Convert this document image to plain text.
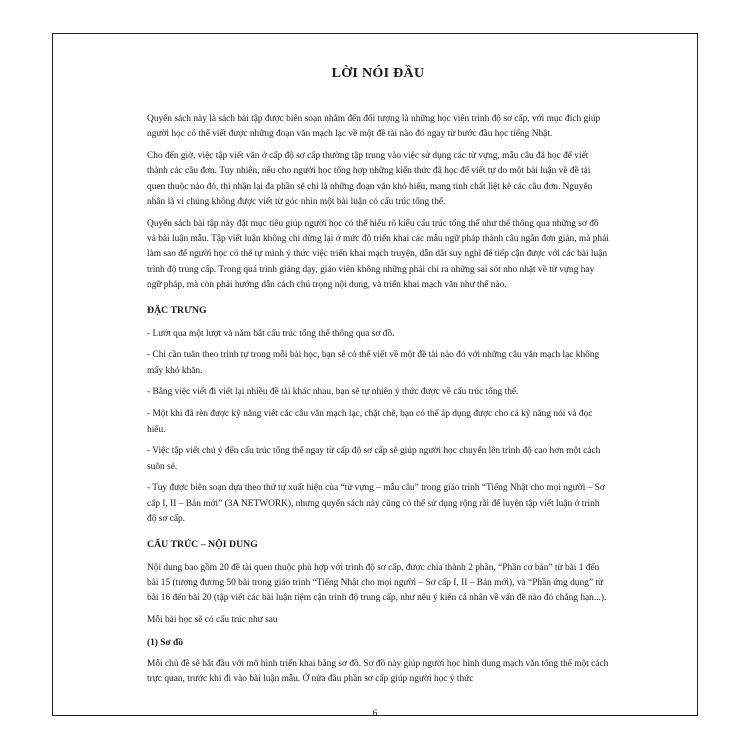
LỜI NÓI ĐẦU

Quyển sách này là sách bài tập được biên soạn nhằm đến đối tượng là những học viên trình độ sơ cấp, với mục đích giúp người học có thể viết được những đoạn văn mạch lạc về một đề tài nào đó ngay từ bước đầu học tiếng Nhật.

Cho đến giờ, việc tập viết văn ở cấp độ sơ cấp thường tập trung vào việc sử dụng các từ vựng, mẫu câu đã học để viết thành các câu đơn. Tuy nhiên, nếu cho người học tổng hợp những kiến thức đã học để viết tự do một bài luận về đề tài quen thuộc nào đó, thì nhận lại đa phần sẽ chỉ là những đoạn văn khó hiểu, mang tính chất liệt kê các câu đơn. Nguyên nhân là vì chúng không được viết từ góc nhìn một bài luận có cấu trúc tổng thể.

Quyển sách bài tập này đặt mục tiêu giúp người học có thể hiểu rõ kiểu cấu trúc tổng thể như thế thông qua những sơ đồ và bài luận mẫu. Tập viết luận không chỉ dừng lại ở mức độ triển khai các mẫu ngữ pháp thành câu ngắn đơn giản, mà phải làm sao để người học có thể tự mình ý thức việc triển khai mạch truyện, dẫn dắt suy nghĩ để tiếp cận được với các bài luận trình độ trung cấp. Trong quá trình giảng dạy, giáo viên không những phải chỉ ra những sai sót nho nhặt về từ vựng hay ngữ pháp, mà còn phải hướng dẫn cách chú trọng nội dung, và triển khai mạch văn như thế nào.

ĐẶC TRƯNG

- Lướt qua một lượt và nắm bắt cấu trúc tổng thể thông qua sơ đồ.

- Chỉ cần tuân theo trình tự trong mỗi bài học, bạn sẽ có thể viết về một đề tài nào đó với những câu văn mạch lạc không mấy khó khăn.

- Bằng việc viết đi viết lại nhiều đề tài khác nhau, bạn sẽ tự nhiên ý thức được về cấu trúc tổng thể.

- Một khi đã rèn được kỹ năng viết các câu văn mạch lạc, chặt chẽ, bạn có thể áp dụng được cho cả kỹ năng nói và đọc hiểu.

- Việc tập viết chú ý đến cấu trúc tổng thể ngay từ cấp độ sơ cấp sẽ giúp người học chuyển lên trình độ cao hơn một cách suôn sẻ.

- Tuy được biên soạn dựa theo thứ tự xuất hiện của “từ vựng – mẫu câu” trong giáo trình “Tiếng Nhật cho mọi người – Sơ cấp I, II – Bản mới” (3A NETWORK), nhưng quyển sách này cũng có thể sử dụng rộng rãi để luyện tập viết luận ở trình độ sơ cấp.

CẤU TRÚC – NỘI DUNG

Nội dung bao gồm 20 đề tài quen thuộc phù hợp với trình độ sơ cấp, được chia thành 2 phần, “Phần cơ bản” từ bài 1 đến bài 15 (tương đương 50 bài trong giáo trình “Tiếng Nhật cho mọi người – Sơ cấp I, II – Bản mới), và “Phần ứng dụng” từ bài 16 đến bài 20 (tập viết các bài luận tiệm cận trình độ trung cấp, như nêu ý kiến cá nhân về vấn đề nào đó chẳng hạn...).

Mỗi bài học sẽ có cấu trúc như sau

(1) Sơ đồ

Mỗi chủ đề sẽ bắt đầu với mô hình triển khai bằng sơ đồ. Sơ đồ này giúp người học hình dung mạch văn tổng thể một cách trực quan, trước khi đi vào bài luận mẫu. Ở nửa đầu phần sơ cấp giúp người học ý thức

6
